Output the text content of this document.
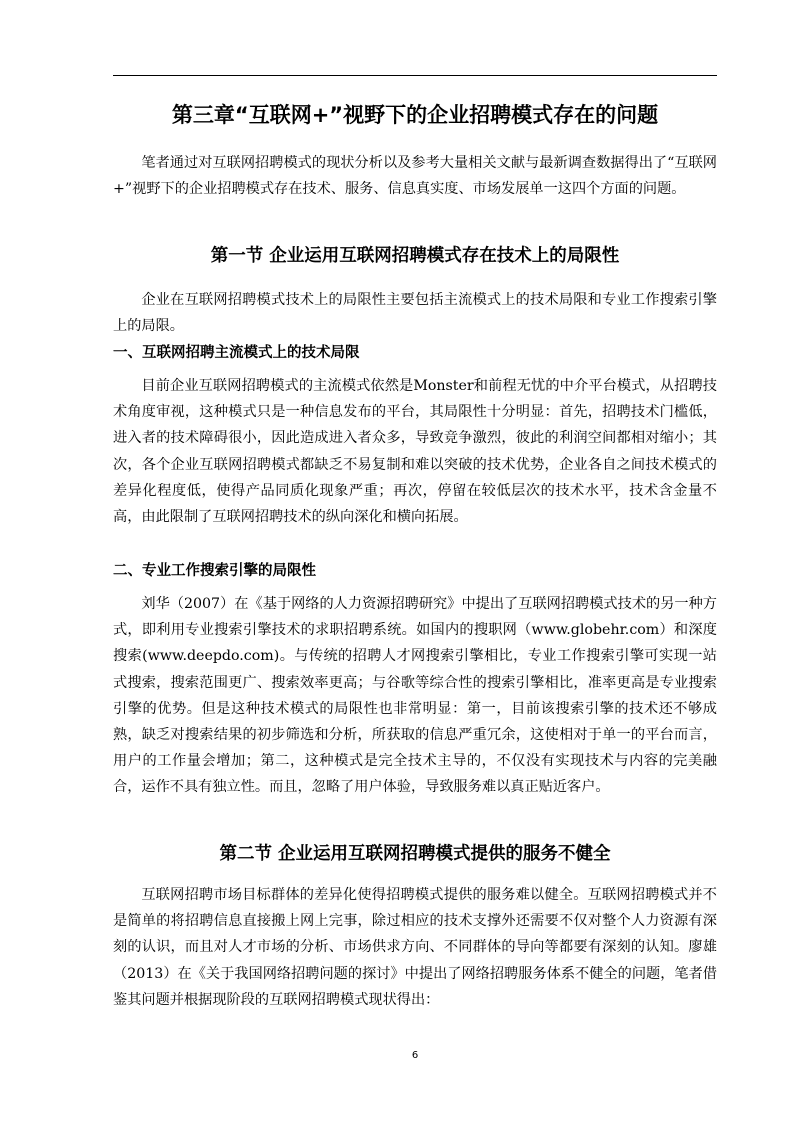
第三章“互联网+”视野下的企业招聘模式存在的问题

笔者通过对互联网招聘模式的现状分析以及参考大量相关文献与最新调查数据得出了“互联网+”视野下的企业招聘模式存在技术、服务、信息真实度、市场发展单一这四个方面的问题。

第一节 企业运用互联网招聘模式存在技术上的局限性

企业在互联网招聘模式技术上的局限性主要包括主流模式上的技术局限和专业工作搜索引擎上的局限。

一、互联网招聘主流模式上的技术局限

目前企业互联网招聘模式的主流模式依然是Monster和前程无忧的中介平台模式，从招聘技术角度审视，这种模式只是一种信息发布的平台，其局限性十分明显：首先，招聘技术门槛低，进入者的技术障碍很小，因此造成进入者众多，导致竞争激烈，彼此的利润空间都相对缩小；其次，各个企业互联网招聘模式都缺乏不易复制和难以突破的技术优势，企业各自之间技术模式的差异化程度低，使得产品同质化现象严重；再次，停留在较低层次的技术水平，技术含金量不高，由此限制了互联网招聘技术的纵向深化和横向拓展。

二、专业工作搜索引擎的局限性

刘华（2007）在《基于网络的人力资源招聘研究》中提出了互联网招聘模式技术的另一种方式，即利用专业搜索引擎技术的求职招聘系统。如国内的搜职网（www.globehr.com）和深度搜索(www.deepdo.com)。与传统的招聘人才网搜索引擎相比，专业工作搜索引擎可实现一站式搜索，搜索范围更广、搜索效率更高；与谷歌等综合性的搜索引擎相比，准率更高是专业搜索引擎的优势。但是这种技术模式的局限性也非常明显：第一，目前该搜索引擎的技术还不够成熟，缺乏对搜索结果的初步筛选和分析，所获取的信息严重冗余，这使相对于单一的平台而言，用户的工作量会增加；第二，这种模式是完全技术主导的，不仅没有实现技术与内容的完美融合，运作不具有独立性。而且，忽略了用户体验，导致服务难以真正贴近客户。

第二节 企业运用互联网招聘模式提供的服务不健全

互联网招聘市场目标群体的差异化使得招聘模式提供的服务难以健全。互联网招聘模式并不是简单的将招聘信息直接搬上网上完事，除过相应的技术支撑外还需要不仅对整个人力资源有深刻的认识，而且对人才市场的分析、市场供求方向、不同群体的导向等都要有深刻的认知。廖雄（2013）在《关于我国网络招聘问题的探讨》中提出了网络招聘服务体系不健全的问题，笔者借鉴其问题并根据现阶段的互联网招聘模式现状得出：

6
